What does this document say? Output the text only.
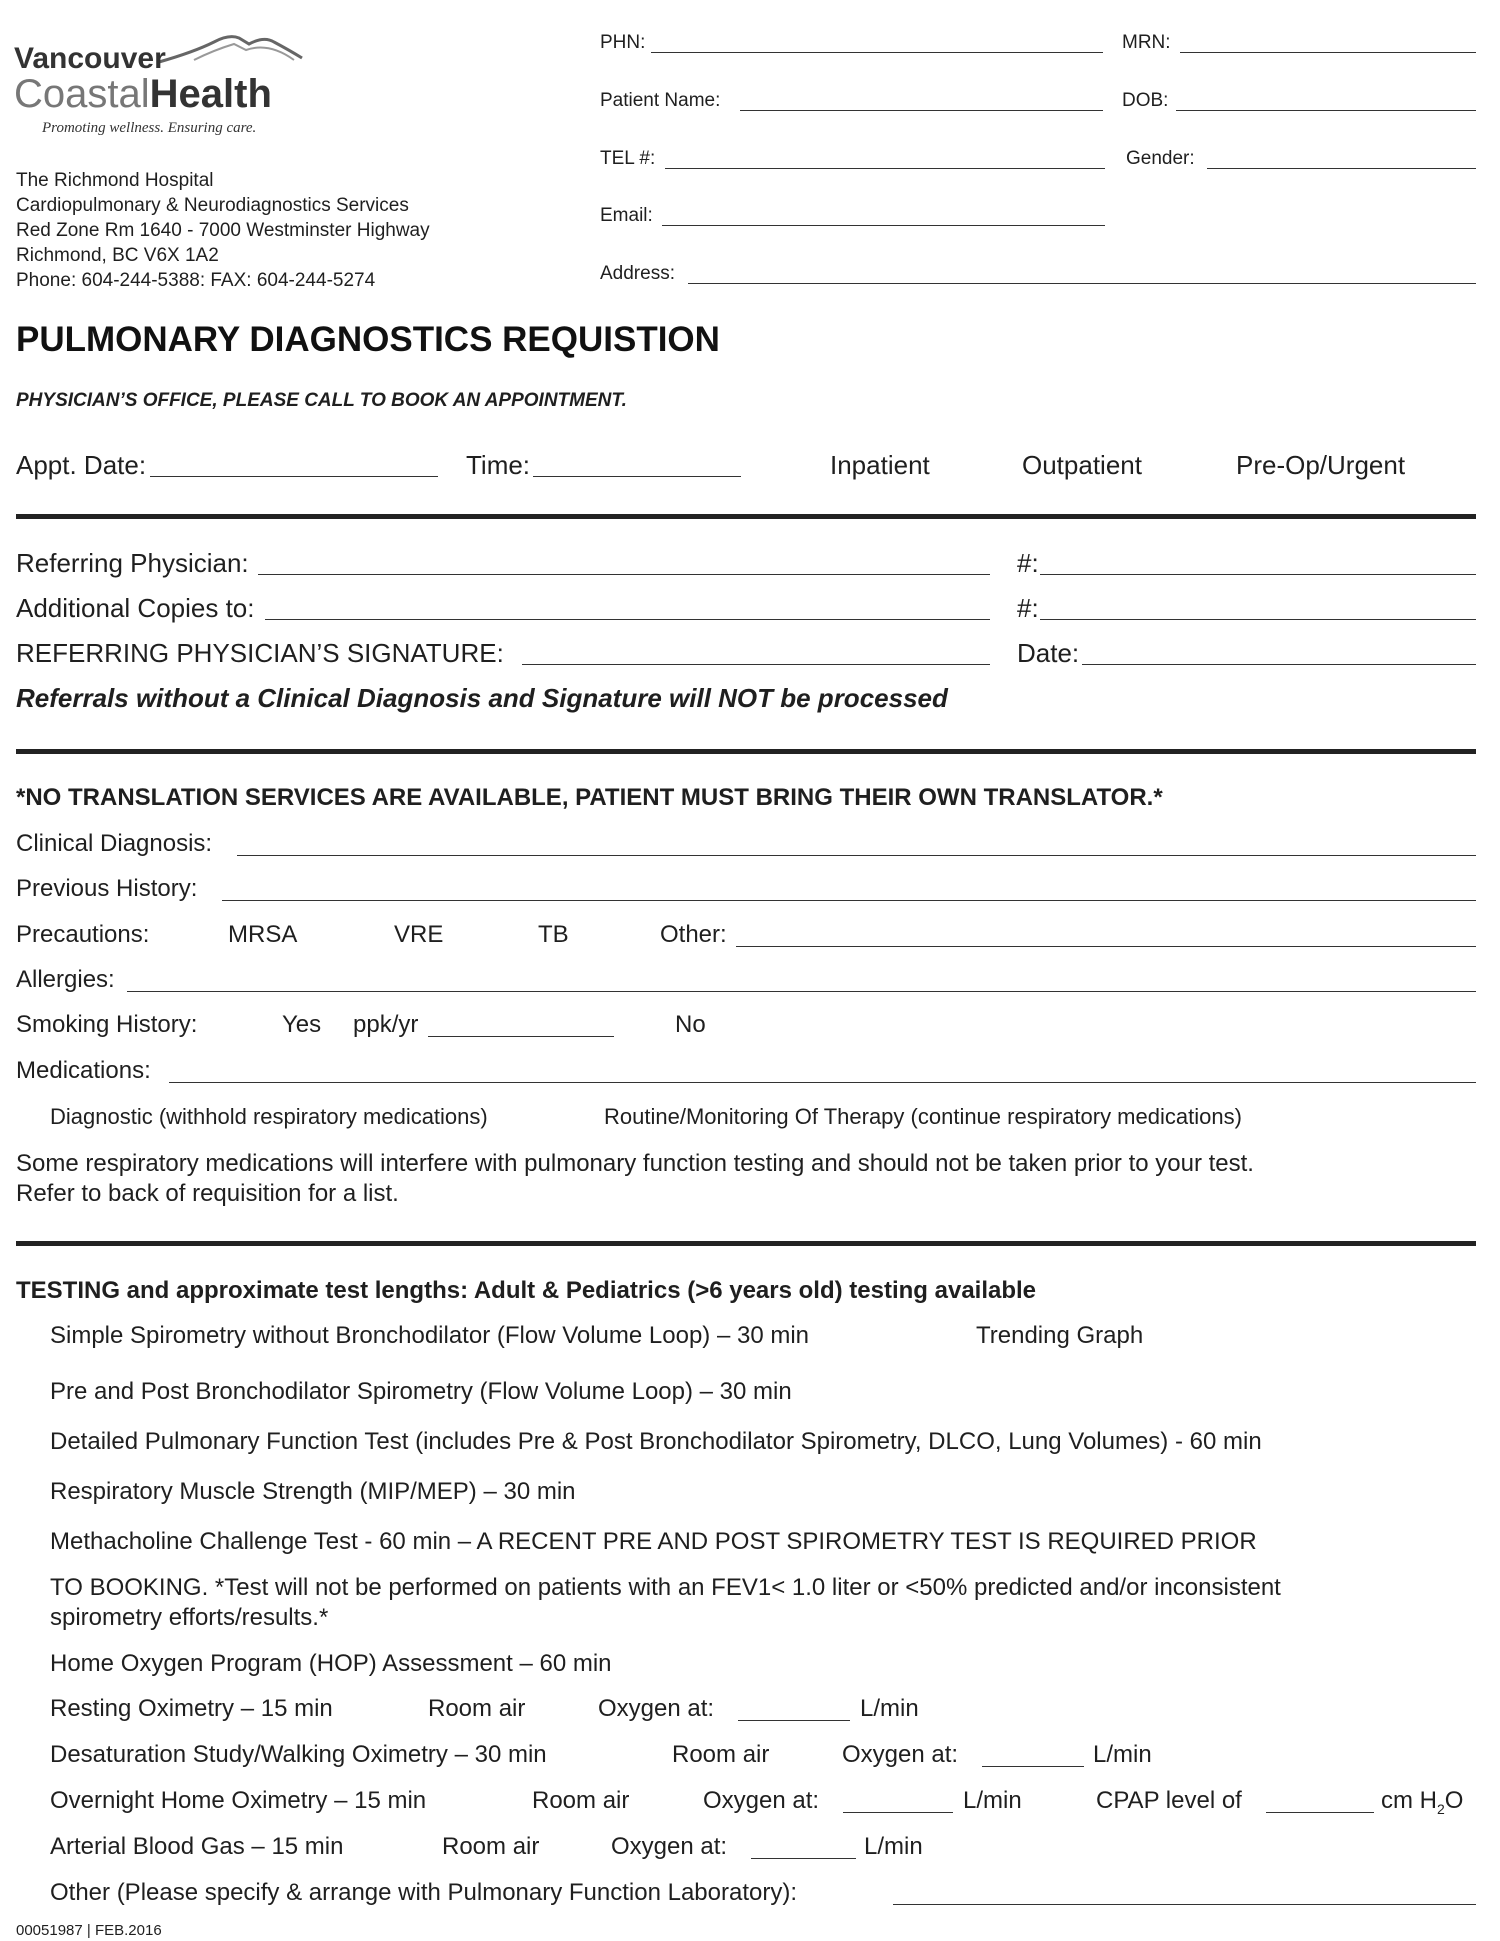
Vancouver
CoastalHealth
Promoting wellness. Ensuring care.
The Richmond Hospital
Cardiopulmonary & Neurodiagnostics Services
Red Zone Rm 1640 - 7000 Westminster Highway
Richmond, BC V6X 1A2
Phone: 604-244-5388: FAX: 604-244-5274
PHN:	MRN:
Patient Name:	DOB:
TEL #:	Gender:
Email:
Address:
PULMONARY DIAGNOSTICS REQUISTION
PHYSICIAN’S OFFICE, PLEASE CALL TO BOOK AN APPOINTMENT.
Appt. Date:	Time:	Inpatient	Outpatient	Pre-Op/Urgent
Referring Physician:	#:
Additional Copies to:	#:
REFERRING PHYSICIAN’S SIGNATURE:	Date:
Referrals without a Clinical Diagnosis and Signature will NOT be processed
*NO TRANSLATION SERVICES ARE AVAILABLE, PATIENT MUST BRING THEIR OWN TRANSLATOR.*
Clinical Diagnosis:
Previous History:
Precautions:	MRSA	VRE	TB	Other:
Allergies:
Smoking History:	Yes ppk/yr	No
Medications:
Diagnostic (withhold respiratory medications)	Routine/Monitoring Of Therapy (continue respiratory medications)
Some respiratory medications will interfere with pulmonary function testing and should not be taken prior to your test.
Refer to back of requisition for a list.
TESTING and approximate test lengths: Adult & Pediatrics (>6 years old) testing available
Simple Spirometry without Bronchodilator (Flow Volume Loop) – 30 min	Trending Graph
Pre and Post Bronchodilator Spirometry (Flow Volume Loop) – 30 min
Detailed Pulmonary Function Test (includes Pre & Post Bronchodilator Spirometry, DLCO, Lung Volumes) - 60 min
Respiratory Muscle Strength (MIP/MEP) – 30 min
Methacholine Challenge Test - 60 min – A RECENT PRE AND POST SPIROMETRY TEST IS REQUIRED PRIOR
TO BOOKING. *Test will not be performed on patients with an FEV1< 1.0 liter or <50% predicted and/or inconsistent
spirometry efforts/results.*
Home Oxygen Program (HOP) Assessment – 60 min
Resting Oximetry – 15 min	Room air	Oxygen at:	L/min
Desaturation Study/Walking Oximetry – 30 min	Room air	Oxygen at:	L/min
Overnight Home Oximetry – 15 min	Room air	Oxygen at:	L/min	CPAP level of	cm $H_2O$
Arterial Blood Gas – 15 min	Room air	Oxygen at:	L/min
Other (Please specify & arrange with Pulmonary Function Laboratory):
00051987 | FEB.2016
